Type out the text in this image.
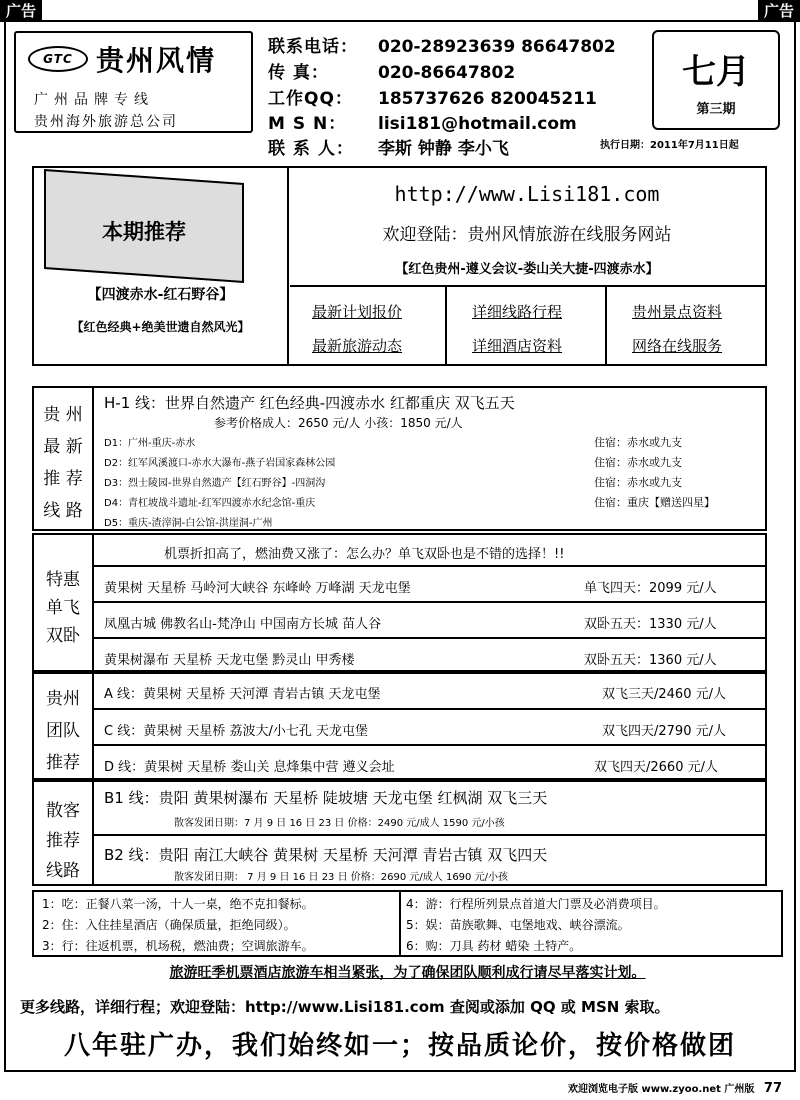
广告	广告
GTC 贵州风情
广州品牌专线
贵州海外旅游总公司
联系电话： 020-28923639 86647802
传 真：	020-86647802
工作QQ： 185737626 820045211
M S N： lisi181@hotmail.com
联 系 人： 李斯 钟静 李小飞
七月
第三期
执行日期：2011年7月11日起
本期推荐
【四渡赤水-红石野谷】
【红色经典+绝美世遗自然风光】
http://www.Lisi181.com
欢迎登陆：贵州风情旅游在线服务网站
【红色贵州-遵义会议-娄山关大捷-四渡赤水】
最新计划报价	详细线路行程	贵州景点资料
最新旅游动态	详细酒店资料	网络在线服务
贵 州
最 新
推 荐
线 路
H-1 线：世界自然遗产 红色经典-四渡赤水 红都重庆 双飞五天
参考价格成人：2650 元/人 小孩：1850 元/人
D1：广州-重庆-赤水	住宿：赤水或九支
D2：红军风溪渡口-赤水大瀑布-燕子岩国家森林公园	住宿：赤水或九支
D3：烈士陵园-世界自然遗产【红石野谷】-四洞沟	住宿：赤水或九支
D4：青杠坡战斗遗址-红军四渡赤水纪念馆-重庆	住宿：重庆【赠送四星】
D5：重庆-渣滓洞-白公馆-洪崖洞-广州
特惠
单飞
双卧
机票折扣高了，燃油费又涨了：怎么办？单飞双卧也是不错的选择！!!
黄果树 天星桥 马岭河大峡谷 东峰岭 万峰湖 天龙屯堡	单飞四天：2099 元/人
凤凰古城 佛教名山-梵净山 中国南方长城 苗人谷	双卧五天：1330 元/人
黄果树瀑布 天星桥 天龙屯堡 黔灵山 甲秀楼	双卧五天：1360 元/人
贵州
团队
推荐
A 线：黄果树 天星桥 天河潭 青岩古镇 天龙屯堡	双飞三天/2460 元/人
C 线：黄果树 天星桥 荔波大/小七孔 天龙屯堡	双飞四天/2790 元/人
D 线：黄果树 天星桥 娄山关 息烽集中营 遵义会址	双飞四天/2660 元/人
散客
推荐
线路
B1 线：贵阳 黄果树瀑布 天星桥 陡坡塘 天龙屯堡 红枫湖 双飞三天
散客发团日期：7 月 9 日 16 日 23 日 价格：2490 元/成人 1590 元/小孩
B2 线：贵阳 南江大峡谷 黄果树 天星桥 天河潭 青岩古镇 双飞四天
散客发团日期： 7 月 9 日 16 日 23 日 价格：2690 元/成人 1690 元/小孩
1：吃：正餐八菜一汤，十人一桌，绝不克扣餐标。
2：住：入住挂星酒店（确保质量，拒绝同级）。
3：行：往返机票，机场税，燃油费；空调旅游车。
4：游：行程所列景点首道大门票及必消费项目。
5：娱：苗族歌舞、屯堡地戏、峡谷漂流。
6：购：刀具 药材 蜡染 土特产。
旅游旺季机票酒店旅游车相当紧张，为了确保团队顺利成行请尽早落实计划。
更多线路，详细行程；欢迎登陆：http://www.Lisi181.com 查阅或添加 QQ 或 MSN 索取。
八年驻广办，我们始终如一；按品质论价，按价格做团
欢迎浏览电子版 www.zyoo.net 广州版 77
